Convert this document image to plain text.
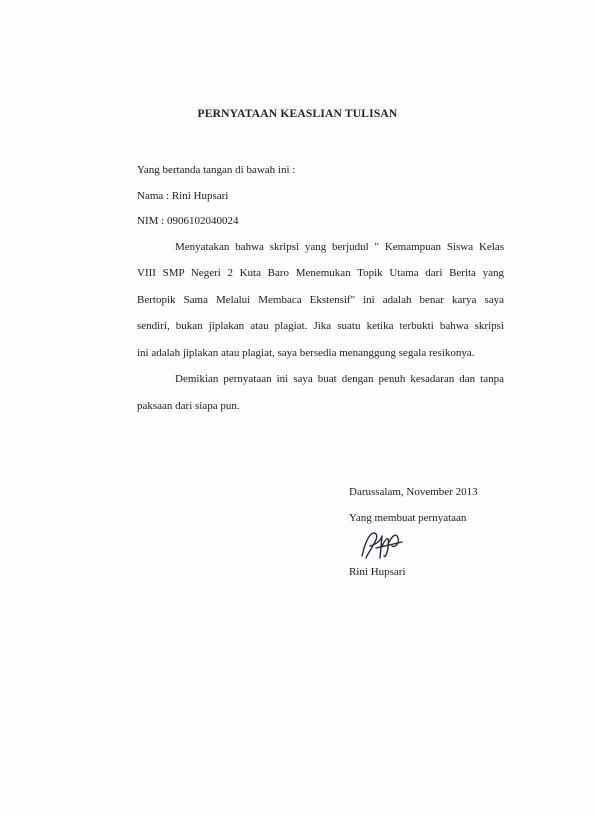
PERNYATAAN KEASLIAN TULISAN
Yang bertanda tangan di bawah ini :
Nama : Rini Hupsari
NIM : 0906102040024
Menyatakan bahwa skripsi yang berjudul " Kemampuan Siswa Kelas
VIII SMP Negeri 2 Kuta Baro Menemukan Topik Utama dari Berita yang
Bertopik Sama Melalui Membaca Ekstensif" ini adalah benar karya saya
sendiri, bukan jiplakan atau plagiat. Jika suatu ketika terbukti bahwa skripsi
ini adalah jiplakan atau plagiat, saya bersedia menanggung segala resikonya.
Demikian pernyataan ini saya buat dengan penuh kesadaran dan tanpa
paksaan dari siapa pun.
Darussalam, November 2013
Yang membuat pernyataan
Rini Hupsari
